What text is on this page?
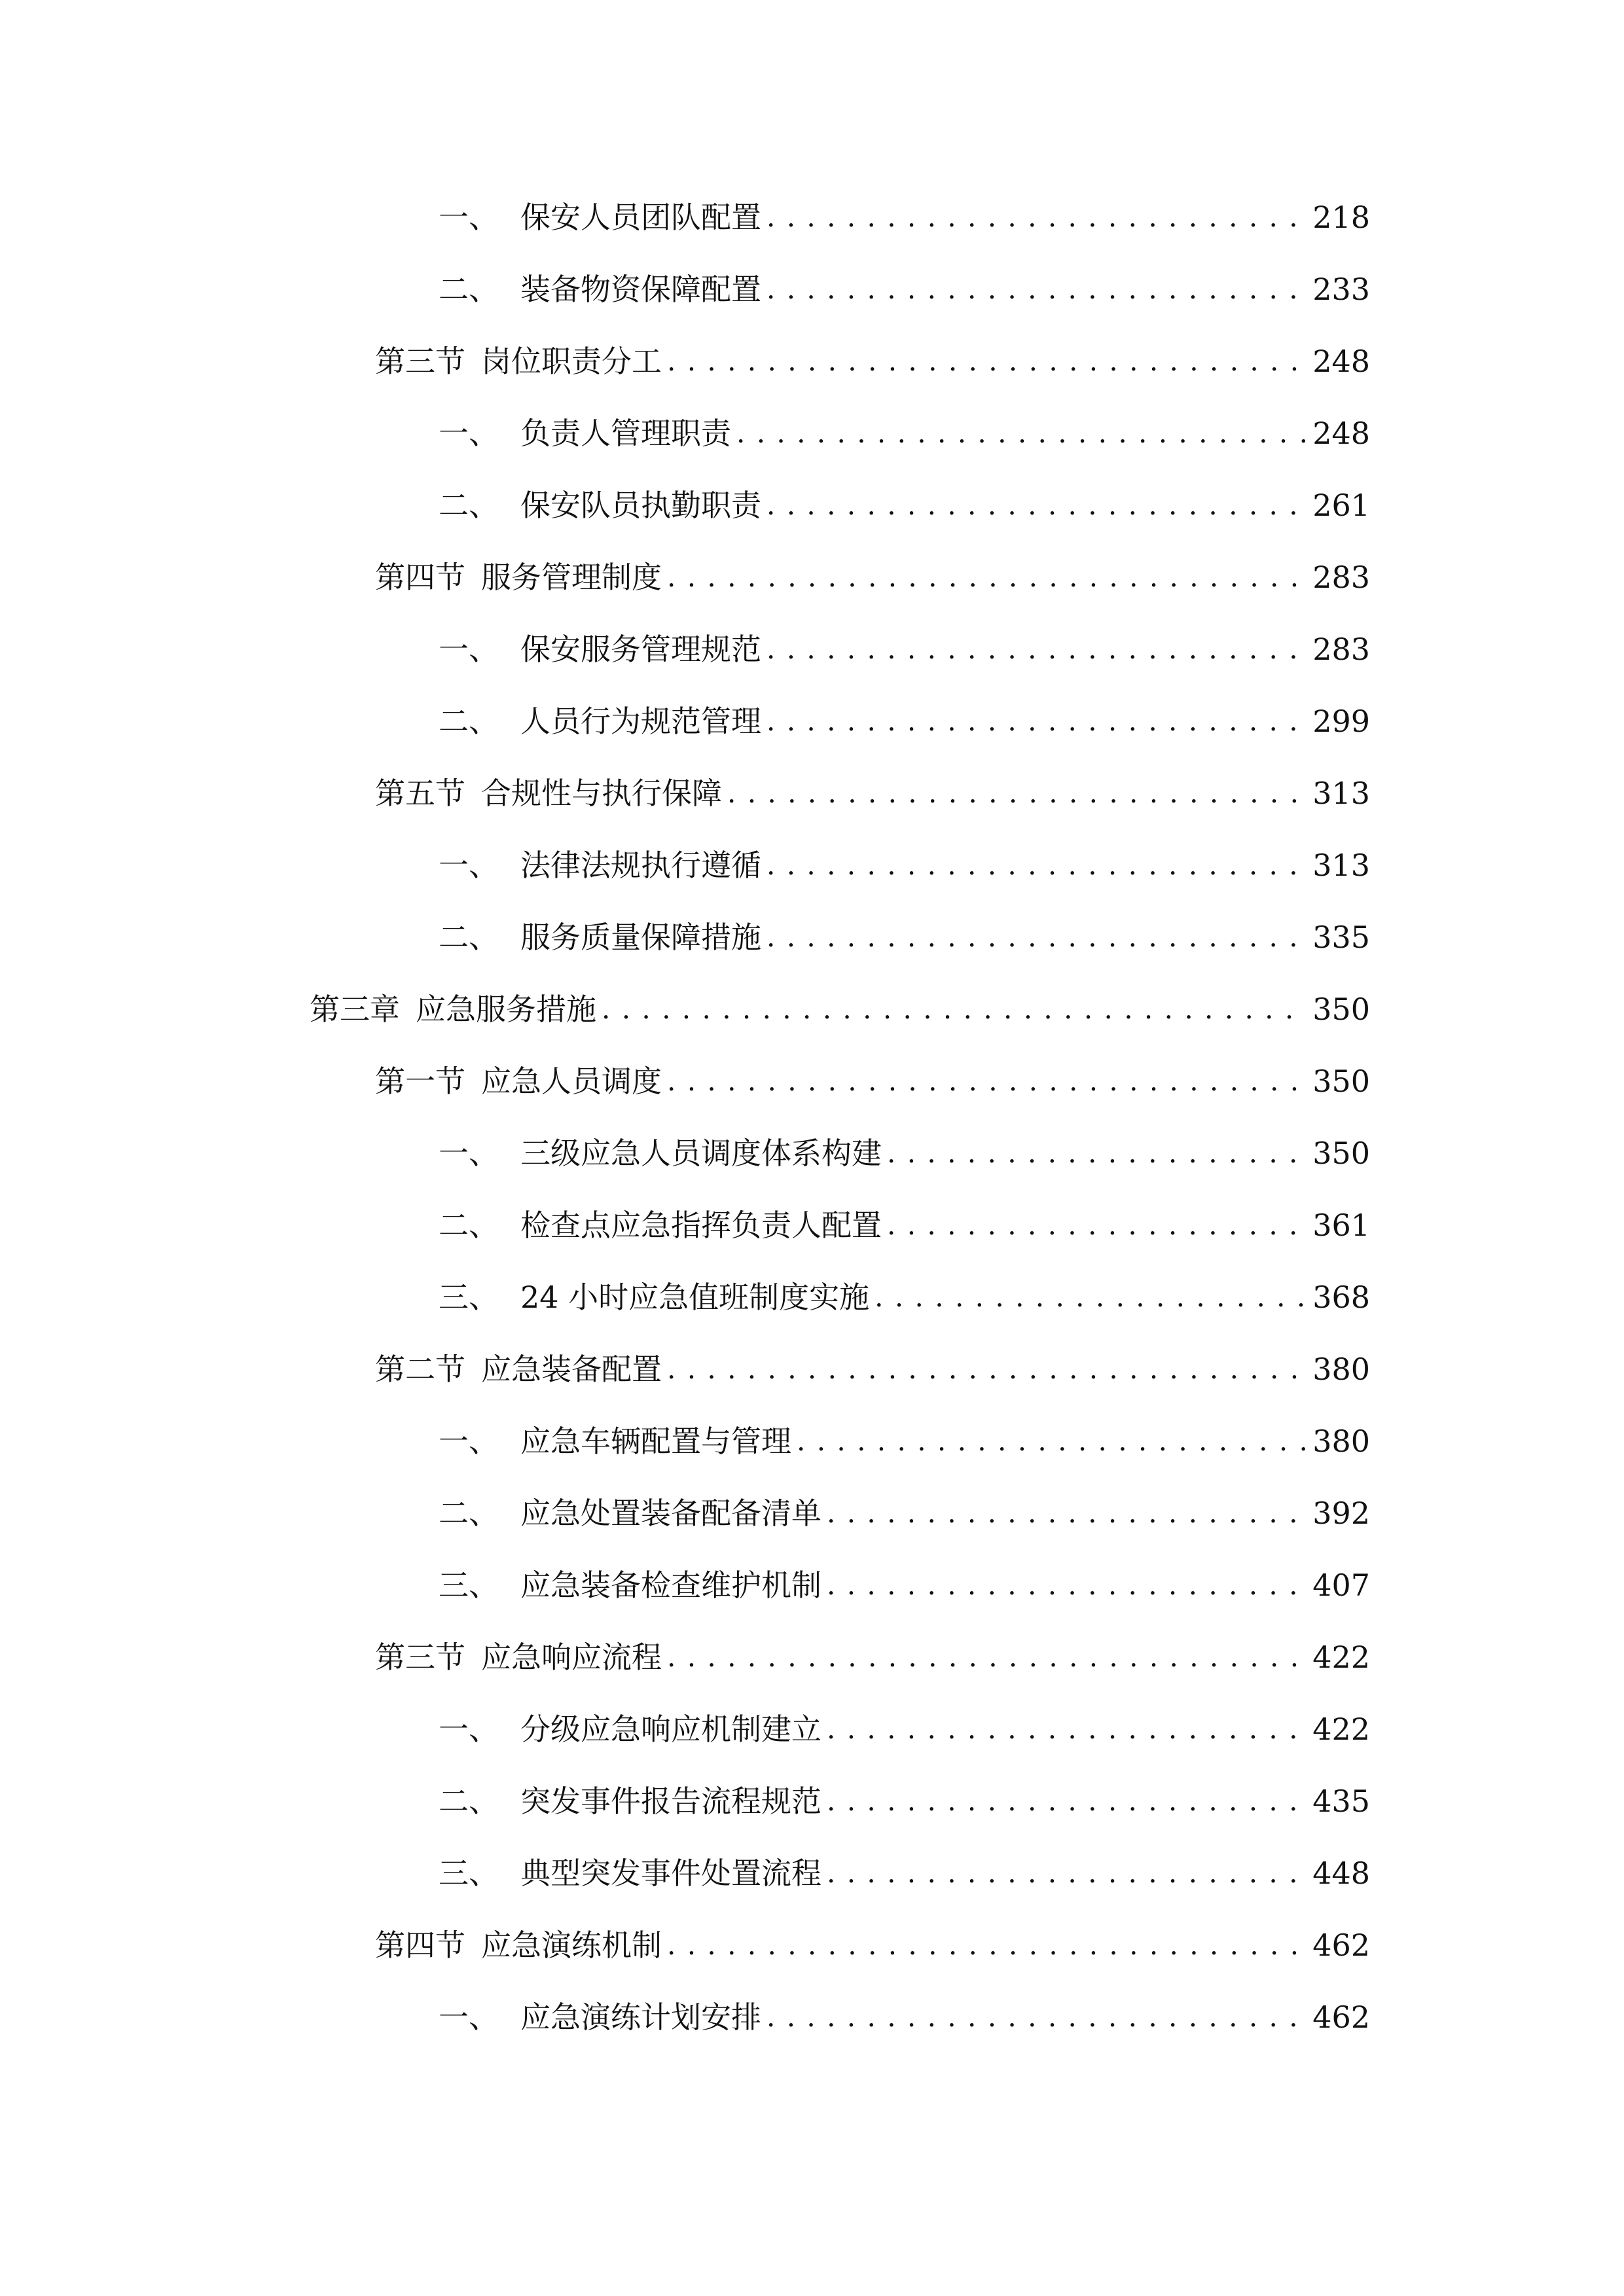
一、 保安人员团队配置 . . .	218
二、 装备物资保障配置 . . .	233
第三节 岗位职责分工 . . .	248
一、 负责人管理职责 . . .	248
二、 保安队员执勤职责 . . .	261
第四节 服务管理制度 . . .	283
一、 保安服务管理规范 . . .	283
二、 人员行为规范管理 . . .	299
第五节 合规性与执行保障 . . .	313
一、 法律法规执行遵循 . . .	313
二、 服务质量保障措施 . . .	335
第三章 应急服务措施 . . .	350
第一节 应急人员调度 . . .	350
一、 三级应急人员调度体系构建 . . .	350
二、 检查点应急指挥负责人配置 . . .	361
三、 24 小时应急值班制度实施 . . .	368
第二节 应急装备配置 . . .	380
一、 应急车辆配置与管理 . . .	380
二、 应急处置装备配备清单 . . .	392
三、 应急装备检查维护机制 . . .	407
第三节 应急响应流程 . . .	422
一、 分级应急响应机制建立 . . .	422
二、 突发事件报告流程规范 . . .	435
三、 典型突发事件处置流程 . . .	448
第四节 应急演练机制 . . .	462
一、 应急演练计划安排 . . .	462
